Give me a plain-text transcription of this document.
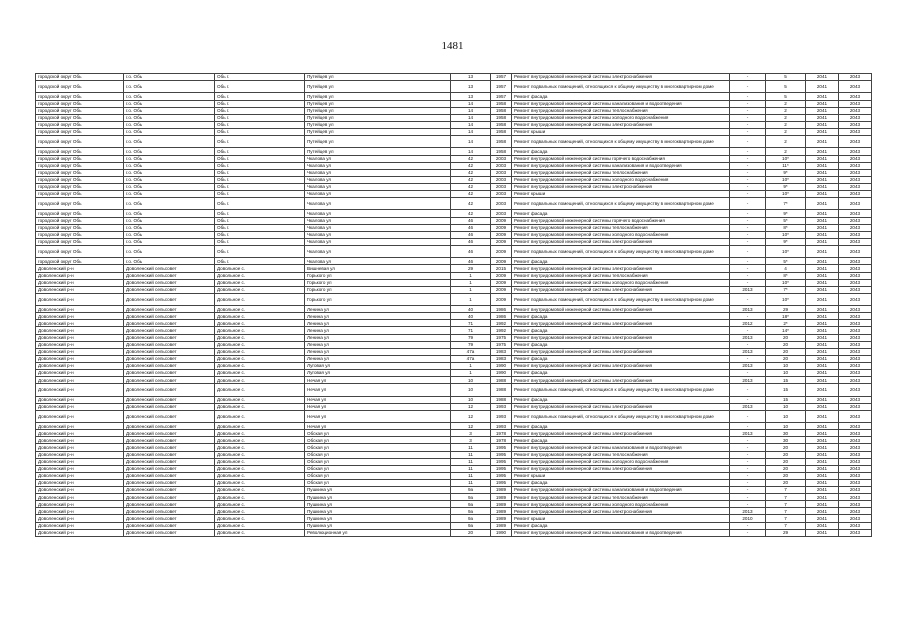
1481
городской округ Обь	г.о. Обь	Обь г.	Путейцев ул	13	1957	Ремонт внутридомовой инженерной системы электроснабжения	-	5	2041	2043
городской округ Обь	г.о. Обь	Обь г.	Путейцев ул	13	1957	Ремонт подвальных помещений, относящихся к общему имуществу в многоквартирном доме	-	5	2041	2043
городской округ Обь	г.о. Обь	Обь г.	Путейцев ул	13	1957	Ремонт фасада	-	5	2041	2043
городской округ Обь	г.о. Обь	Обь г.	Путейцев ул	14	1958	Ремонт внутридомовой инженерной системы канализования и водоотведения	-	2	2041	2043
городской округ Обь	г.о. Обь	Обь г.	Путейцев ул	14	1958	Ремонт внутридомовой инженерной системы теплоснабжения	-	2	2041	2043
городской округ Обь	г.о. Обь	Обь г.	Путейцев ул	14	1958	Ремонт внутридомовой инженерной системы холодного водоснабжения	-	2	2041	2043
городской округ Обь	г.о. Обь	Обь г.	Путейцев ул	14	1958	Ремонт внутридомовой инженерной системы электроснабжения	-	2	2041	2043
городской округ Обь	г.о. Обь	Обь г.	Путейцев ул	14	1958	Ремонт крыши	-	2	2041	2043
городской округ Обь	г.о. Обь	Обь г.	Путейцев ул	14	1958	Ремонт подвальных помещений, относящихся к общему имуществу в многоквартирном доме	-	2	2041	2043
городской округ Обь	г.о. Обь	Обь г.	Путейцев ул	14	1958	Ремонт фасада	-	2	2041	2043
городской округ Обь	г.о. Обь	Обь г.	Чкалова ул	42	2003	Ремонт внутридомовой инженерной системы горячего водоснабжения	-	10*	2041	2043
городской округ Обь	г.о. Обь	Обь г.	Чкалова ул	42	2003	Ремонт внутридомовой инженерной системы канализования и водоотведения	-	11*	2041	2043
городской округ Обь	г.о. Обь	Обь г.	Чкалова ул	42	2003	Ремонт внутридомовой инженерной системы теплоснабжения	-	9*	2041	2043
городской округ Обь	г.о. Обь	Обь г.	Чкалова ул	42	2003	Ремонт внутридомовой инженерной системы холодного водоснабжения	-	10*	2041	2043
городской округ Обь	г.о. Обь	Обь г.	Чкалова ул	42	2003	Ремонт внутридомовой инженерной системы электроснабжения	-	9*	2041	2043
городской округ Обь	г.о. Обь	Обь г.	Чкалова ул	42	2003	Ремонт крыши	-	10*	2041	2043
городской округ Обь	г.о. Обь	Обь г.	Чкалова ул	42	2003	Ремонт подвальных помещений, относящихся к общему имуществу в многоквартирном доме	-	7*	2041	2043
городской округ Обь	г.о. Обь	Обь г.	Чкалова ул	42	2003	Ремонт фасада	-	9*	2041	2043
городской округ Обь	г.о. Обь	Обь г.	Чкалова ул	46	2009	Ремонт внутридомовой инженерной системы горячего водоснабжения	-	5*	2041	2043
городской округ Обь	г.о. Обь	Обь г.	Чкалова ул	46	2009	Ремонт внутридомовой инженерной системы теплоснабжения	-	8*	2041	2043
городской округ Обь	г.о. Обь	Обь г.	Чкалова ул	46	2009	Ремонт внутридомовой инженерной системы холодного водоснабжения	-	10*	2041	2043
городской округ Обь	г.о. Обь	Обь г.	Чкалова ул	46	2009	Ремонт внутридомовой инженерной системы электроснабжения	-	9*	2041	2043
городской округ Обь	г.о. Обь	Обь г.	Чкалова ул	46	2009	Ремонт подвальных помещений, относящихся к общему имуществу в многоквартирном доме	-	10*	2041	2043
городской округ Обь	г.о. Обь	Обь г.	Чкалова ул	46	2009	Ремонт фасада	-	5*	2041	2043
Доволенский р-н	Доволенский сельсовет	Довольное с.	Вишневая ул	29	2015	Ремонт внутридомовой инженерной системы электроснабжения	-	4	2041	2043
Доволенский р-н	Доволенский сельсовет	Довольное с.	Горького ул	1	2009	Ремонт внутридомовой инженерной системы теплоснабжения	-	8*	2041	2043
Доволенский р-н	Доволенский сельсовет	Довольное с.	Горького ул	1	2009	Ремонт внутридомовой инженерной системы холодного водоснабжения	-	10*	2041	2043
Доволенский р-н	Доволенский сельсовет	Довольное с.	Горького ул	1	2009	Ремонт внутридомовой инженерной системы электроснабжения	2013	7*	2041	2043
Доволенский р-н	Доволенский сельсовет	Довольное с.	Горького ул	1	2009	Ремонт подвальных помещений, относящихся к общему имуществу в многоквартирном доме	-	10*	2041	2043
Доволенский р-н	Доволенский сельсовет	Довольное с.	Ленина ул	40	1986	Ремонт внутридомовой инженерной системы электроснабжения	2013	29	2041	2043
Доволенский р-н	Доволенский сельсовет	Довольное с.	Ленина ул	40	1986	Ремонт фасада	-	18*	2041	2043
Доволенский р-н	Доволенский сельсовет	Довольное с.	Ленина ул	71	1992	Ремонт внутридомовой инженерной системы электроснабжения	2012	2*	2041	2043
Доволенский р-н	Доволенский сельсовет	Довольное с.	Ленина ул	71	1992	Ремонт фасада	-	14*	2041	2043
Доволенский р-н	Доволенский сельсовет	Довольное с.	Ленина ул	79	1975	Ремонт внутридомовой инженерной системы электроснабжения	2013	20	2041	2043
Доволенский р-н	Доволенский сельсовет	Довольное с.	Ленина ул	79	1975	Ремонт фасада	-	20	2041	2043
Доволенский р-н	Доволенский сельсовет	Довольное с.	Ленина ул	47а	1983	Ремонт внутридомовой инженерной системы электроснабжения	2013	20	2041	2043
Доволенский р-н	Доволенский сельсовет	Довольное с.	Ленина ул	47а	1983	Ремонт фасада	-	20	2041	2043
Доволенский р-н	Доволенский сельсовет	Довольное с.	Луговая ул	1	1990	Ремонт внутридомовой инженерной системы электроснабжения	2013	10	2041	2043
Доволенский р-н	Доволенский сельсовет	Довольное с.	Луговая ул	1	1990	Ремонт фасада	-	10	2041	2043
Доволенский р-н	Доволенский сельсовет	Довольное с.	Нечая ул	10	1988	Ремонт внутридомовой инженерной системы электроснабжения	2013	15	2041	2043
Доволенский р-н	Доволенский сельсовет	Довольное с.	Нечая ул	10	1988	Ремонт подвальных помещений, относящихся к общему имуществу в многоквартирном доме	-	15	2041	2043
Доволенский р-н	Доволенский сельсовет	Довольное с.	Нечая ул	10	1988	Ремонт фасада	-	15	2041	2043
Доволенский р-н	Доволенский сельсовет	Довольное с.	Нечая ул	12	1993	Ремонт внутридомовой инженерной системы электроснабжения	2013	10	2041	2043
Доволенский р-н	Доволенский сельсовет	Довольное с.	Нечая ул	12	1993	Ремонт подвальных помещений, относящихся к общему имуществу в многоквартирном доме	-	10	2041	2043
Доволенский р-н	Доволенский сельсовет	Довольное с.	Нечая ул	12	1993	Ремонт фасада	-	10	2041	2043
Доволенский р-н	Доволенский сельсовет	Довольное с.	Обская ул	3	1978	Ремонт внутридомовой инженерной системы электроснабжения	2013	30	2041	2043
Доволенский р-н	Доволенский сельсовет	Довольное с.	Обская ул	3	1978	Ремонт фасада	-	30	2041	2043
Доволенский р-н	Доволенский сельсовет	Довольное с.	Обская ул	11	1995	Ремонт внутридомовой инженерной системы канализования и водоотведения	-	20	2041	2043
Доволенский р-н	Доволенский сельсовет	Довольное с.	Обская ул	11	1995	Ремонт внутридомовой инженерной системы теплоснабжения	-	20	2041	2043
Доволенский р-н	Доволенский сельсовет	Довольное с.	Обская ул	11	1995	Ремонт внутридомовой инженерной системы холодного водоснабжения	-	20	2041	2043
Доволенский р-н	Доволенский сельсовет	Довольное с.	Обская ул	11	1995	Ремонт внутридомовой инженерной системы электроснабжения	-	20	2041	2043
Доволенский р-н	Доволенский сельсовет	Довольное с.	Обская ул	11	1995	Ремонт крыши	-	20	2041	2043
Доволенский р-н	Доволенский сельсовет	Довольное с.	Обская ул	11	1995	Ремонт фасада	-	20	2041	2043
Доволенский р-н	Доволенский сельсовет	Довольное с.	Пушкина ул	9а	1989	Ремонт внутридомовой инженерной системы канализования и водоотведения	-	7	2041	2043
Доволенский р-н	Доволенский сельсовет	Довольное с.	Пушкина ул	9а	1989	Ремонт внутридомовой инженерной системы теплоснабжения	-	7	2041	2043
Доволенский р-н	Доволенский сельсовет	Довольное с.	Пушкина ул	9а	1989	Ремонт внутридомовой инженерной системы холодного водоснабжения	-	7	2041	2043
Доволенский р-н	Доволенский сельсовет	Довольное с.	Пушкина ул	9а	1989	Ремонт внутридомовой инженерной системы электроснабжения	2013	7	2041	2043
Доволенский р-н	Доволенский сельсовет	Довольное с.	Пушкина ул	9а	1989	Ремонт крыши	2010	7	2041	2043
Доволенский р-н	Доволенский сельсовет	Довольное с.	Пушкина ул	9а	1989	Ремонт фасада	-	7	2041	2043
Доволенский р-н	Доволенский сельсовет	Довольное с.	Революционная ул	20	1990	Ремонт внутридомовой инженерной системы канализования и водоотведения	-	29	2041	2043
